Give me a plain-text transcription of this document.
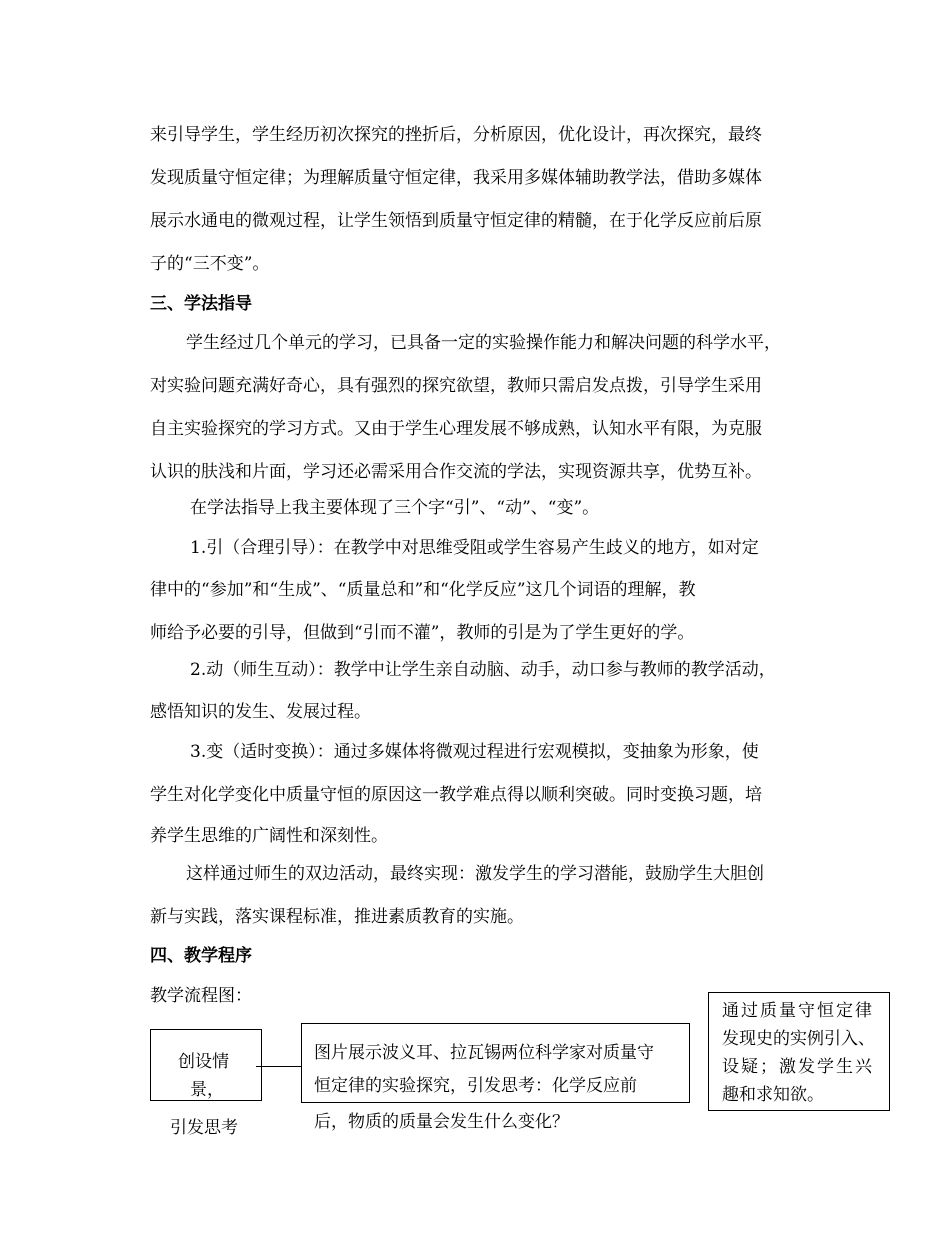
来引导学生，学生经历初次探究的挫折后，分析原因，优化设计，再次探究，最终
发现质量守恒定律；为理解质量守恒定律，我采用多媒体辅助教学法，借助多媒体
展示水通电的微观过程，让学生领悟到质量守恒定律的精髓，在于化学反应前后原
子的“三不变”。
三、学法指导
学生经过几个单元的学习，已具备一定的实验操作能力和解决问题的科学水平，
对实验问题充满好奇心，具有强烈的探究欲望，教师只需启发点拨，引导学生采用
自主实验探究的学习方式。又由于学生心理发展不够成熟，认知水平有限，为克服
认识的肤浅和片面，学习还必需采用合作交流的学法，实现资源共享，优势互补。
在学法指导上我主要体现了三个字“引”、“动”、“变”。
1.引（合理引导）：在教学中对思维受阻或学生容易产生歧义的地方，如对定
律中的“参加”和“生成”、“质量总和”和“化学反应”这几个词语的理解，教
师给予必要的引导，但做到“引而不灌”，教师的引是为了学生更好的学。
2.动（师生互动）：教学中让学生亲自动脑、动手，动口参与教师的教学活动，
感悟知识的发生、发展过程。
3.变（适时变换）：通过多媒体将微观过程进行宏观模拟，变抽象为形象，使
学生对化学变化中质量守恒的原因这一教学难点得以顺利突破。同时变换习题，培
养学生思维的广阔性和深刻性。
这样通过师生的双边活动，最终实现：激发学生的学习潜能，鼓励学生大胆创
新与实践，落实课程标准，推进素质教育的实施。
四、教学程序
教学流程图：
创设情
景，
引发思考
图片展示波义耳、拉瓦锡两位科学家对质量守
恒定律的实验探究，引发思考：化学反应前
后，物质的质量会发生什么变化？
通过质量守恒定律
发现史的实例引入、
设疑；激发学生兴
趣和求知欲。
